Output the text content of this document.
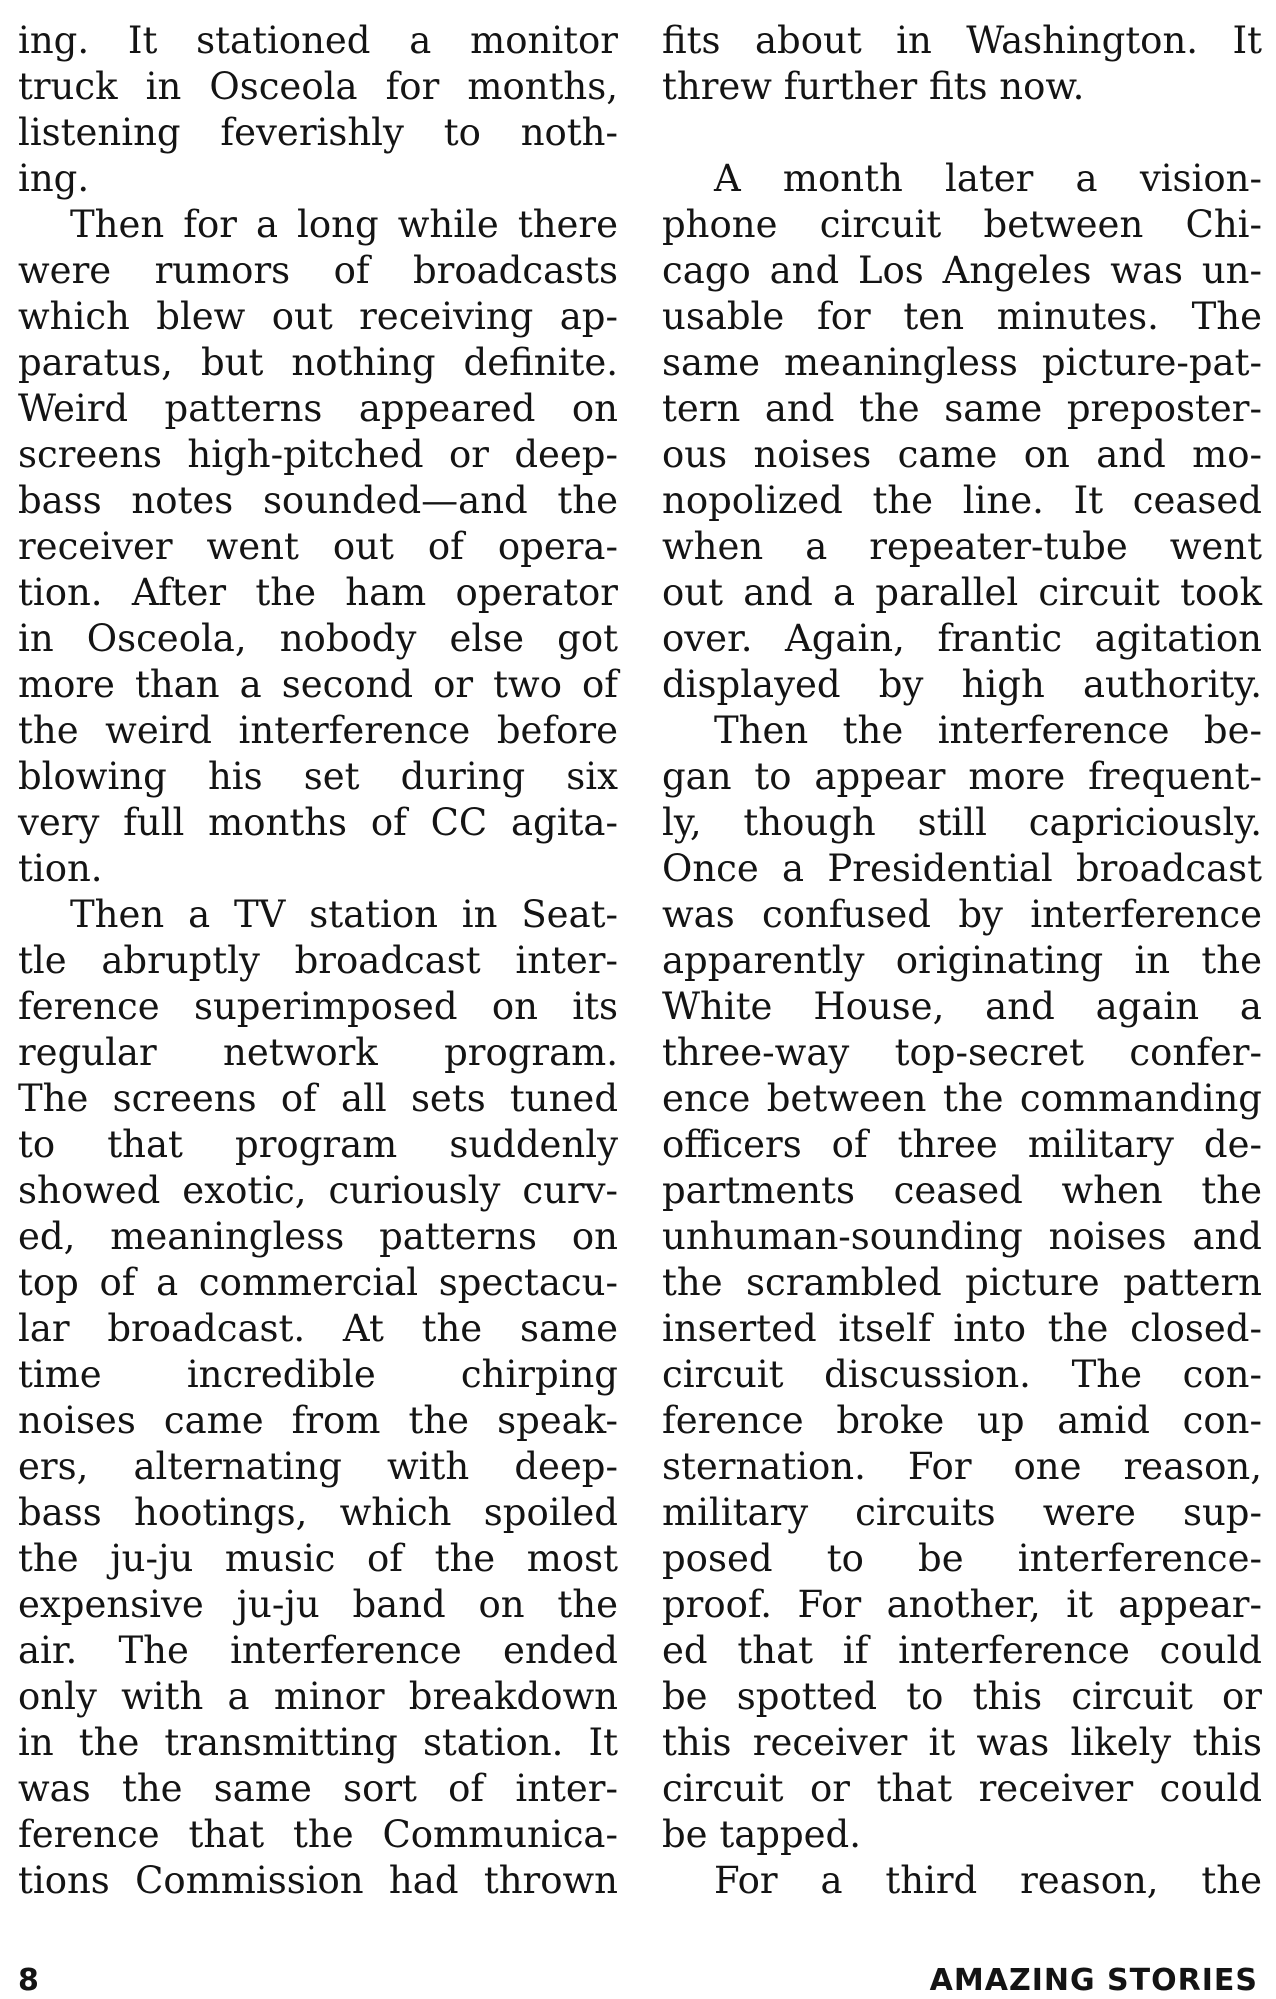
ing. It stationed a monitor
truck in Osceola for months,
listening feverishly to noth-
ing.
Then for a long while there
were rumors of broadcasts
which blew out receiving ap-
paratus, but nothing definite.
Weird patterns appeared on
screens high-pitched or deep-
bass notes sounded—and the
receiver went out of opera-
tion. After the ham operator
in Osceola, nobody else got
more than a second or two of
the weird interference before
blowing his set during six
very full months of CC agita-
tion.
Then a TV station in Seat-
tle abruptly broadcast inter-
ference superimposed on its
regular network program.
The screens of all sets tuned
to that program suddenly
showed exotic, curiously curv-
ed, meaningless patterns on
top of a commercial spectacu-
lar broadcast. At the same
time incredible chirping
noises came from the speak-
ers, alternating with deep-
bass hootings, which spoiled
the ju-ju music of the most
expensive ju-ju band on the
air. The interference ended
only with a minor breakdown
in the transmitting station. It
was the same sort of inter-
ference that the Communica-
tions Commission had thrown
fits about in Washington. It
threw further fits now.
A month later a vision-
phone circuit between Chi-
cago and Los Angeles was un-
usable for ten minutes. The
same meaningless picture-pat-
tern and the same preposter-
ous noises came on and mo-
nopolized the line. It ceased
when a repeater-tube went
out and a parallel circuit took
over. Again, frantic agitation
displayed by high authority.
Then the interference be-
gan to appear more frequent-
ly, though still capriciously.
Once a Presidential broadcast
was confused by interference
apparently originating in the
White House, and again a
three-way top-secret confer-
ence between the commanding
officers of three military de-
partments ceased when the
unhuman-sounding noises and
the scrambled picture pattern
inserted itself into the closed-
circuit discussion. The con-
ference broke up amid con-
sternation. For one reason,
military circuits were sup-
posed to be interference-
proof. For another, it appear-
ed that if interference could
be spotted to this circuit or
this receiver it was likely this
circuit or that receiver could
be tapped.
For a third reason, the
8	AMAZING STORIES
